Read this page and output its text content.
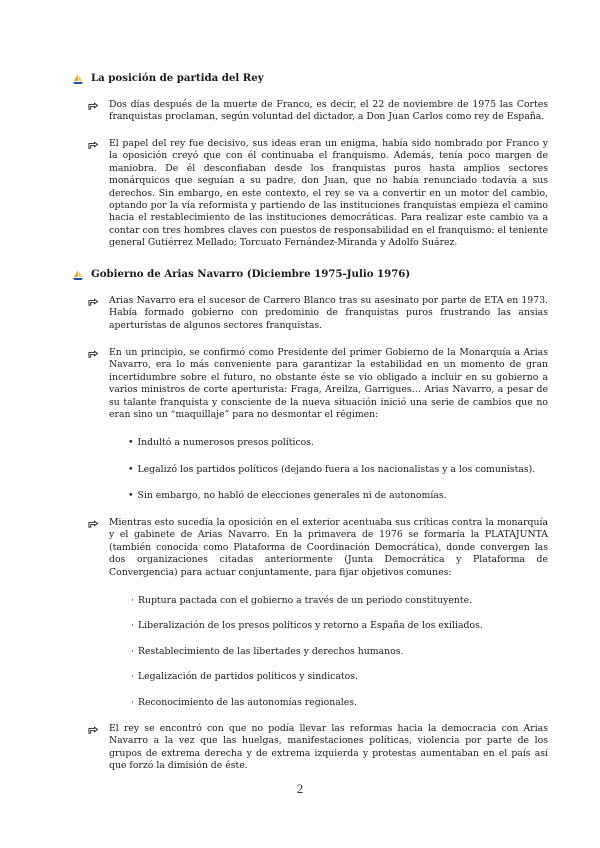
La posición de partida del Rey
Dos días después de la muerte de Franco, es decir, el 22 de noviembre de 1975 las Cortes franquistas proclaman, según voluntad del dictador, a Don Juan Carlos como rey de España.
El papel del rey fue decisivo, sus ideas eran un enigma, había sido nombrado por Franco y la oposición creyó que con él continuaba el franquismo. Además, tenía poco margen de maniobra. De él desconfiaban desde los franquistas puros hasta amplios sectores monárquicos que seguían a su padre, don Juan, que no había renunciado todavía a sus derechos. Sin embargo, en este contexto, el rey se va a convertir en un motor del cambio, optando por la vía reformista y partiendo de las instituciones franquistas empieza el camino hacia el restablecimiento de las instituciones democráticas. Para realizar este cambio va a contar con tres hombres claves con puestos de responsabilidad en el franquismo: el teniente general Gutiérrez Mellado; Torcuato Fernández-Miranda y Adolfo Suárez.
Gobierno de Arias Navarro (Diciembre 1975-Julio 1976)
Arias Navarro era el sucesor de Carrero Blanco tras su asesinato por parte de ETA en 1973. Había formado gobierno con predominio de franquistas puros frustrando las ansias aperturistas de algunos sectores franquistas.
En un principio, se confirmó como Presidente del primer Gobierno de la Monarquía a Arias Navarro, era lo más conveniente para garantizar la estabilidad en un momento de gran incertidumbre sobre el futuro, no obstante éste se vio obligado a incluir en su gobierno a varios ministros de corte aperturista: Fraga, Areilza, Garrigues… Arias Navarro, a pesar de su talante franquista y consciente de la nueva situación inició una serie de cambios que no eran sino un “maquillaje” para no desmontar el régimen:
• Indultó a numerosos presos políticos.
• Legalizó los partidos políticos (dejando fuera a los nacionalistas y a los comunistas).
• Sin embargo, no habló de elecciones generales ni de autonomías.
Mientras esto sucedía la oposición en el exterior acentuaba sus críticas contra la monarquía y el gabinete de Arias Navarro. En la primavera de 1976 se formaría la PLATAJUNTA (también conocida como Plataforma de Coordinación Democrática), donde convergen las dos organizaciones citadas anteriormente (Junta Democrática y Plataforma de Convergencia) para actuar conjuntamente, para fijar objetivos comunes:
· Ruptura pactada con el gobierno a través de un periodo constituyente.
· Liberalización de los presos políticos y retorno a España de los exiliados.
· Restablecimiento de las libertades y derechos humanos.
· Legalización de partidos políticos y sindicatos.
· Reconocimiento de las autonomías regionales.
El rey se encontró con que no podía llevar las reformas hacia la democracia con Arias Navarro a la vez que las huelgas, manifestaciones políticas, violencia por parte de los grupos de extrema derecha y de extrema izquierda y protestas aumentaban en el país así que forzó la dimisión de éste.
2
